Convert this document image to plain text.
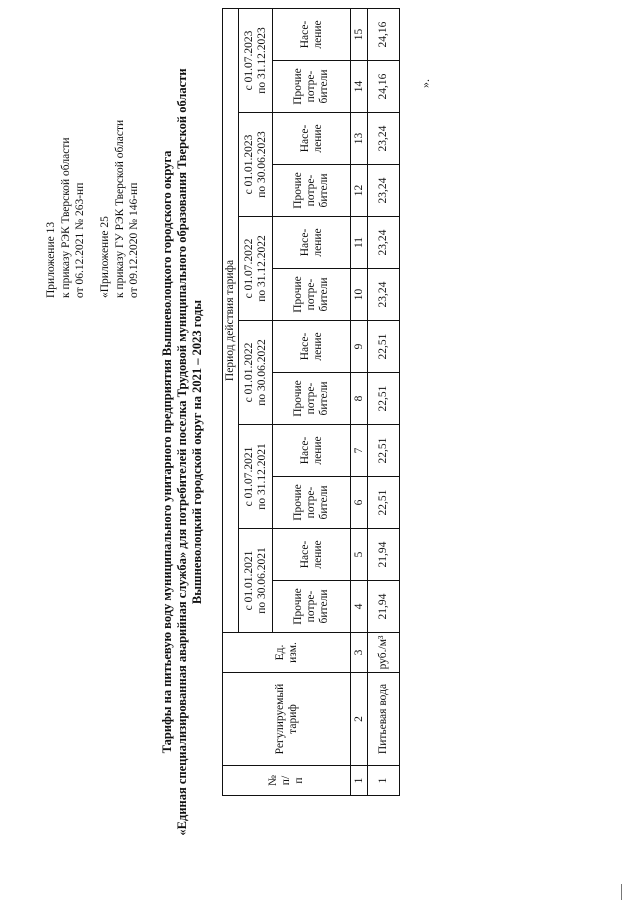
Приложение 13 к приказу РЭК Тверской области от 06.12.2021 № 263-нп «Приложение 25 к приказу ГУ РЭК Тверской области от 09.12.2020 № 146-нп Тарифы на питьевую воду муниципального унитарного предприятия Вышневолоцкого городского округа «Единая специализированная аварийная служба» для потребителей поселка Трудовой муниципального образования Тверской области Вышневолоцкий городской округ на 2021 – 2023 годы
№ п/ п	Регулируемый тариф	Ед. изм.	Период действия тарифа											

			с 01.01.2021 по 30.06.2021		с 01.07.2021 по 31.12.2021		с 01.01.2022 по 30.06.2022		с 01.07.2022 по 31.12.2022		с 01.01.2023 по 30.06.2023		с 01.07.2023 по 31.12.2023	

			Прочие потре- бители	Насе- ление	Прочие потре- бители	Насе- ление	Прочие потре- бители	Насе- ление	Прочие потре- бители	Насе- ление	Прочие потре- бители	Насе- ление	Прочие потре- бители	Насе- ление

1	2	3	4	5	6	7	8	9	10	11	12	13	14	15
1	Питьевая вода	руб./м³	21,94	21,94	22,51	22,51	22,51	22,51	23,24	23,24	23,24	23,24	24,16	24,16
».
